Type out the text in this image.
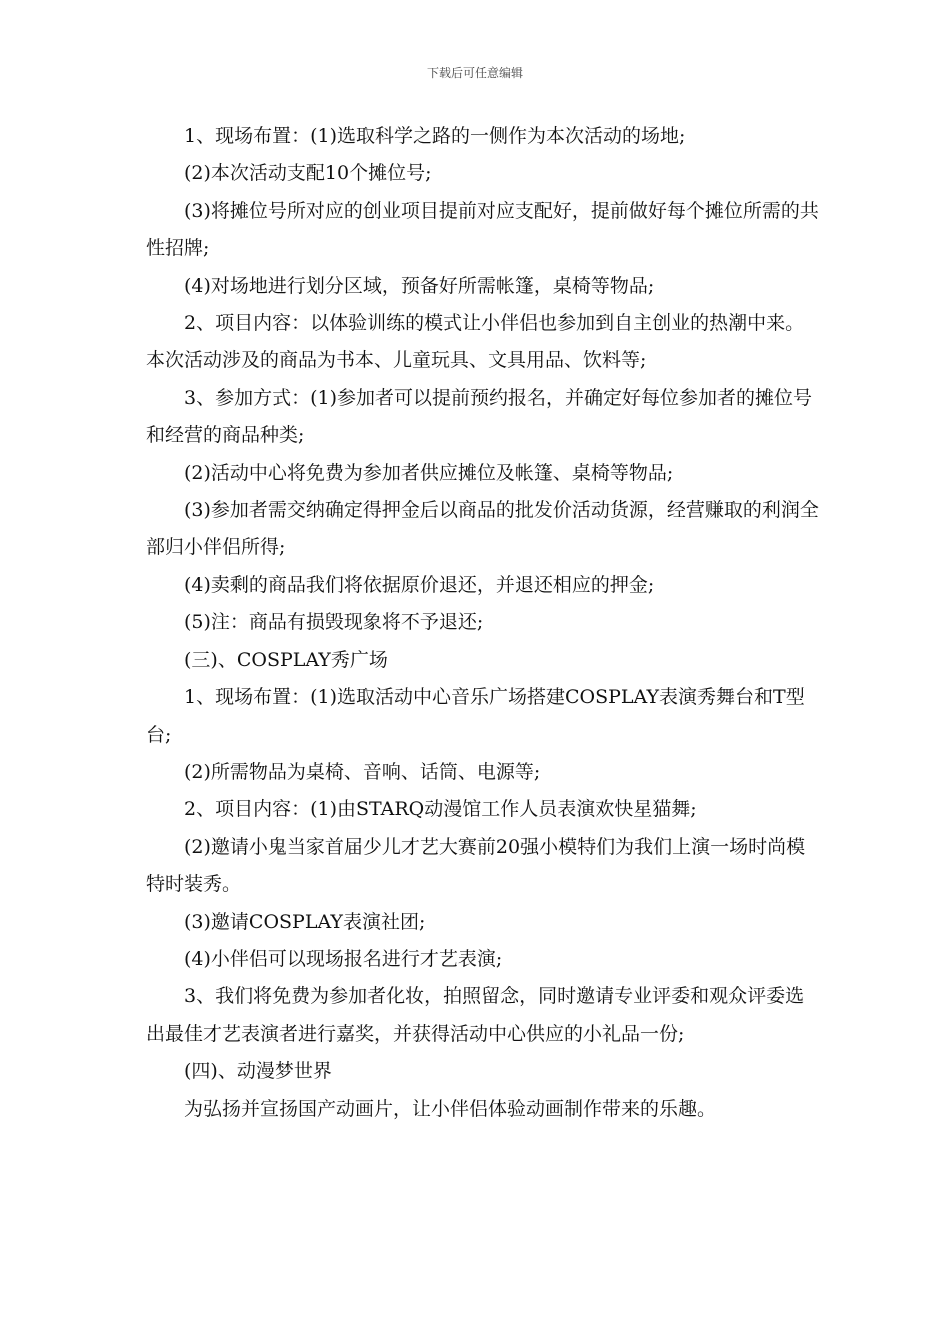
下载后可任意编辑

1、现场布置：(1)选取科学之路的一侧作为本次活动的场地;

(2)本次活动支配10个摊位号;

(3)将摊位号所对应的创业项目提前对应支配好，提前做好每个摊位所需的共性招牌;

(4)对场地进行划分区域，预备好所需帐篷，桌椅等物品;

2、项目内容：以体验训练的模式让小伴侣也参加到自主创业的热潮中来。本次活动涉及的商品为书本、儿童玩具、文具用品、饮料等;

3、参加方式：(1)参加者可以提前预约报名，并确定好每位参加者的摊位号和经营的商品种类;

(2)活动中心将免费为参加者供应摊位及帐篷、桌椅等物品;

(3)参加者需交纳确定得押金后以商品的批发价活动货源，经营赚取的利润全部归小伴侣所得;

(4)卖剩的商品我们将依据原价退还，并退还相应的押金;

(5)注：商品有损毁现象将不予退还;

(三)、COSPLAY秀广场

1、现场布置：(1)选取活动中心音乐广场搭建COSPLAY表演秀舞台和T型台;

(2)所需物品为桌椅、音响、话筒、电源等;

2、项目内容：(1)由STARQ动漫馆工作人员表演欢快星猫舞;

(2)邀请小鬼当家首届少儿才艺大赛前20强小模特们为我们上演一场时尚模特时装秀。

(3)邀请COSPLAY表演社团;

(4)小伴侣可以现场报名进行才艺表演;

3、我们将免费为参加者化妆，拍照留念，同时邀请专业评委和观众评委选出最佳才艺表演者进行嘉奖，并获得活动中心供应的小礼品一份;

(四)、动漫梦世界

为弘扬并宣扬国产动画片，让小伴侣体验动画制作带来的乐趣。
